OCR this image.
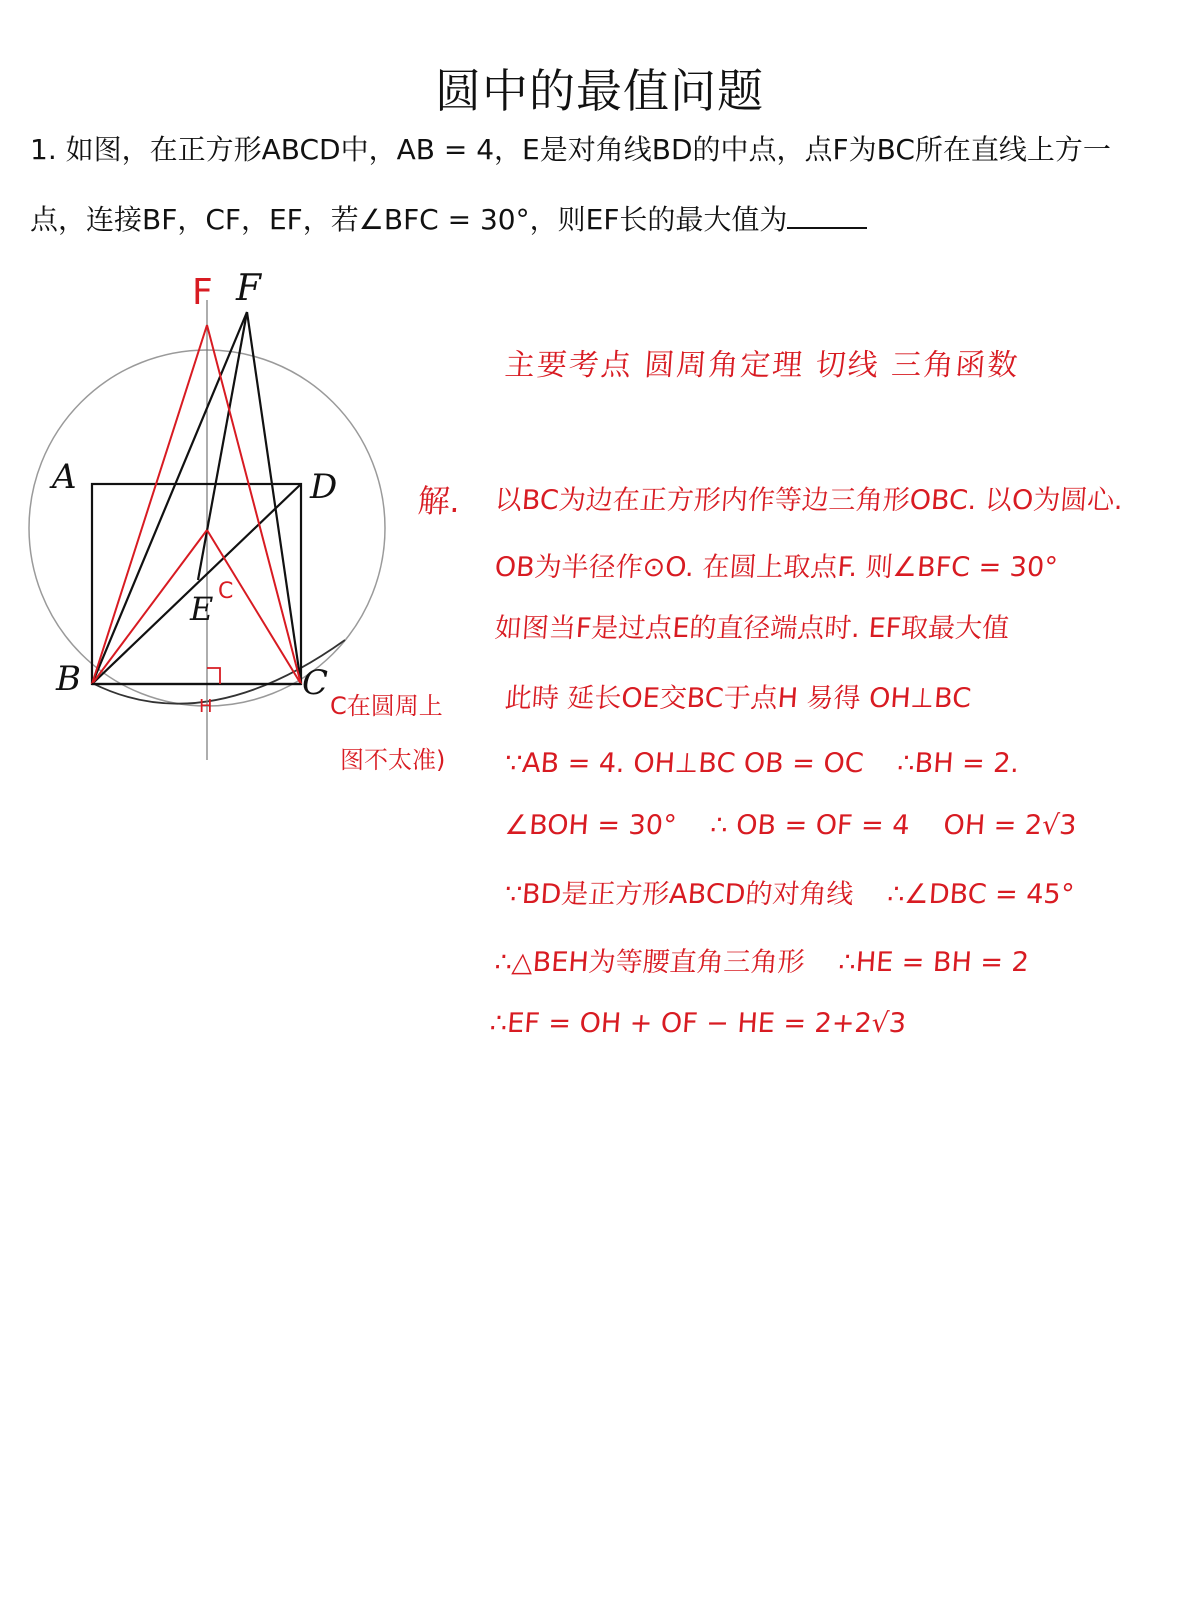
圆中的最值问题
1. 如图，在正方形ABCD中，AB = 4，E是对角线BD的中点，点F为BC所在直线上方一
点，连接BF，CF，EF，若∠BFC = 30°，则EF长的最大值为
A	D
B	C
E
F
F
C
H	C在圆周上
图不太准)
主要考点 圆周角定理 切线 三角函数
解. 以BC为边在正方形内作等边三角形OBC. 以O为圆心.
OB为半径作⊙O. 在圆上取点F. 则∠BFC = 30°
如图当F是过点E的直径端点时. EF取最大值
此時 延长OE交BC于点H 易得 OH⊥BC
∵AB = 4. OH⊥BC OB = OC ∴BH = 2.
∠BOH = 30° ∴ OB = OF = 4 OH = 2√3
∵BD是正方形ABCD的对角线 ∴∠DBC = 45°
∴△BEH为等腰直角三角形 ∴HE = BH = 2
∴EF = OH + OF − HE = 2+2√3
